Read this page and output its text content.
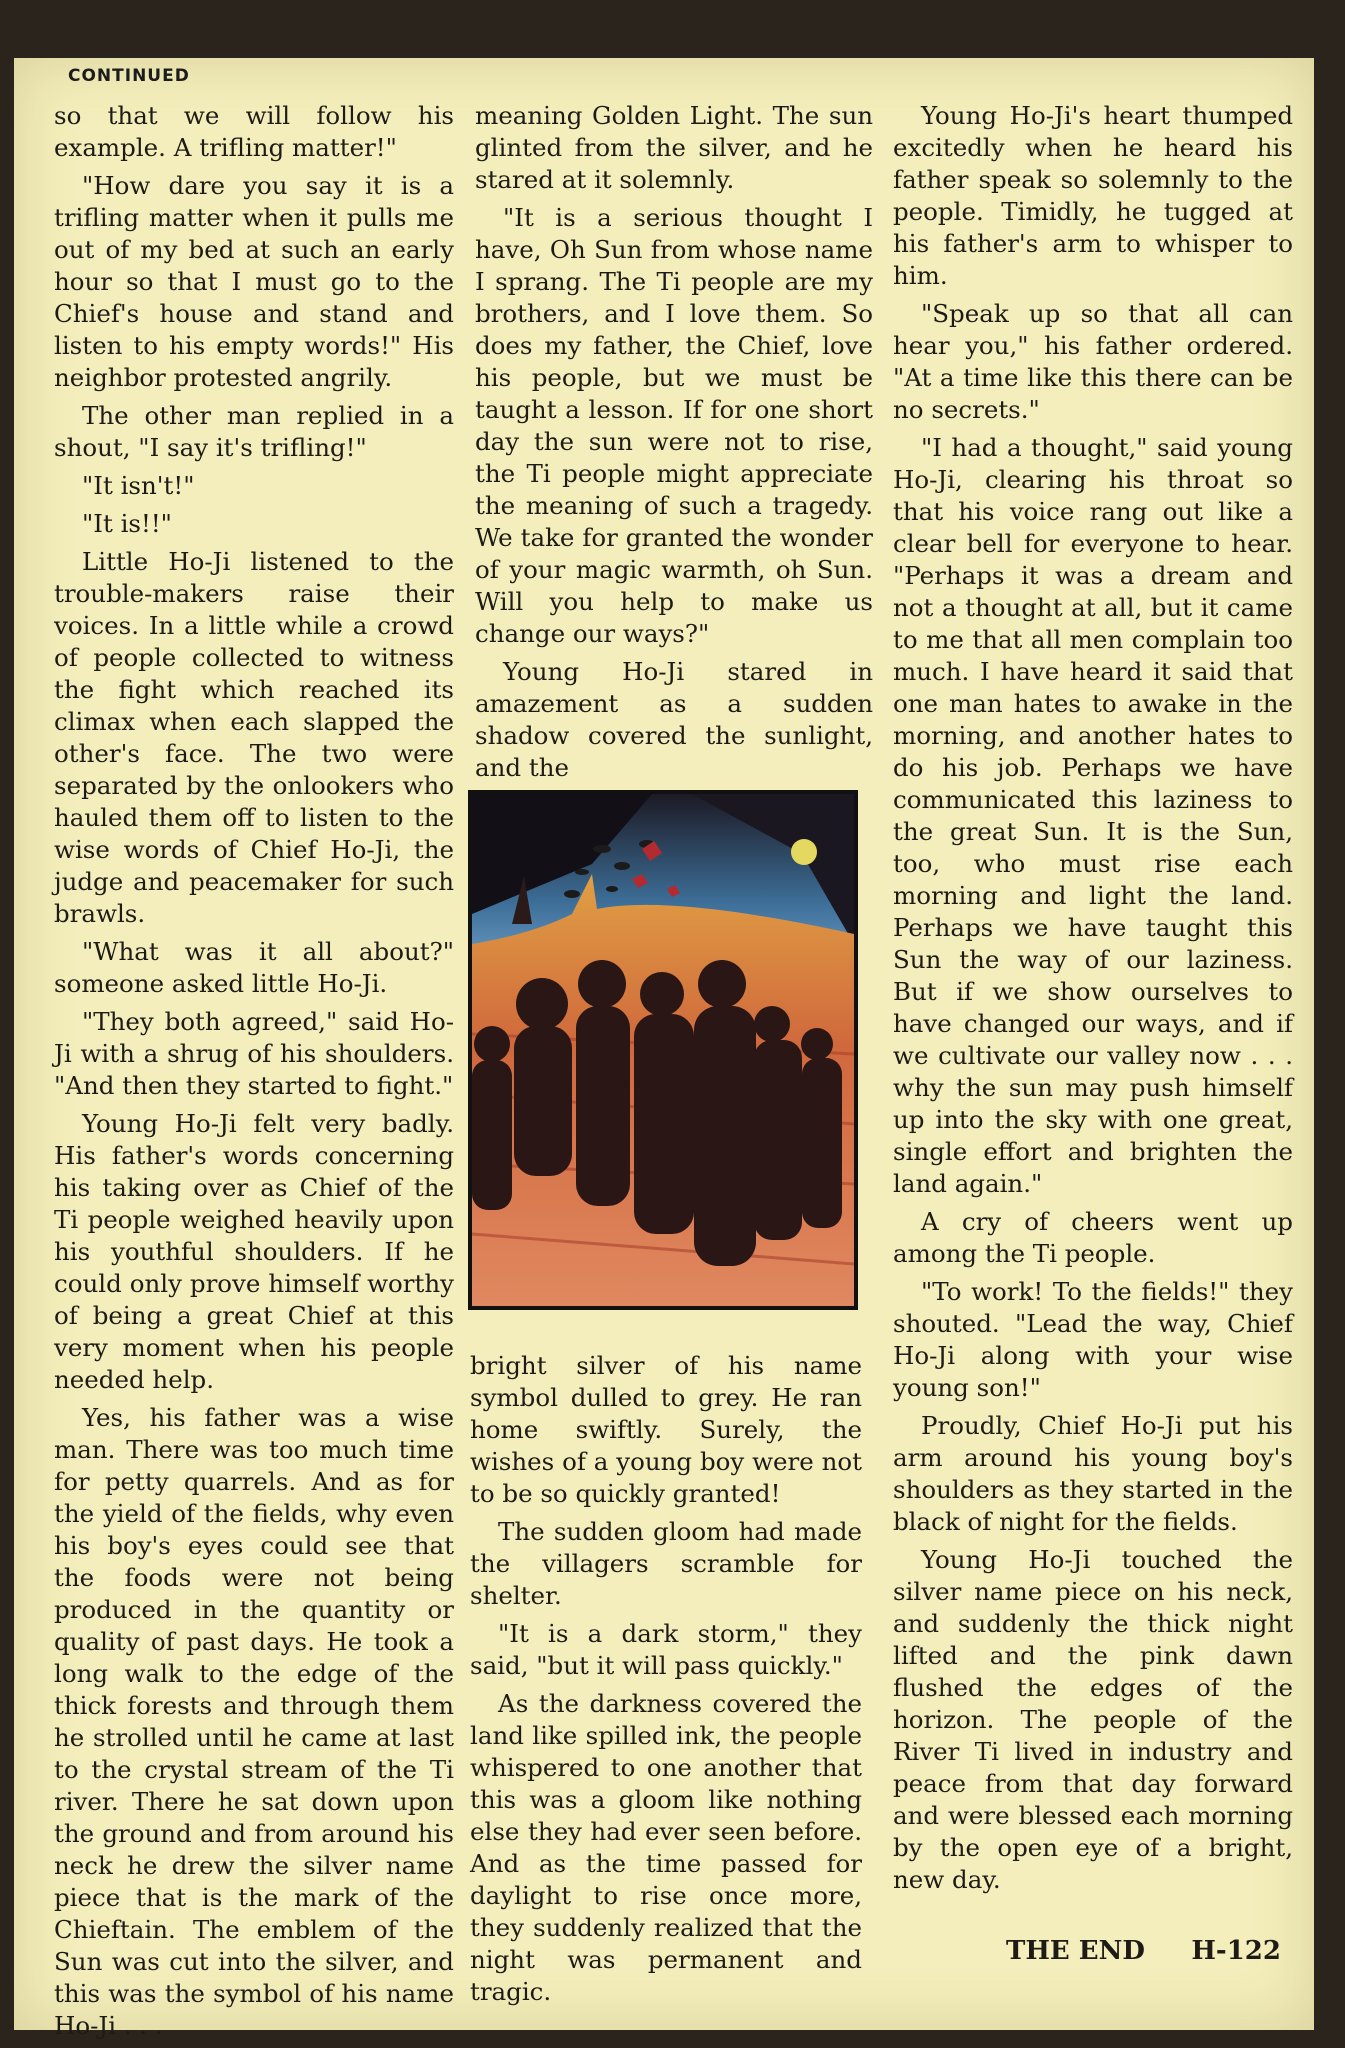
CONTINUED

so that we will follow his example. A trifling matter!"

"How dare you say it is a trifling matter when it pulls me out of my bed at such an early hour so that I must go to the Chief's house and stand and listen to his empty words!" His neighbor protested angrily.

The other man replied in a shout, "I say it's trifling!"

"It isn't!"

"It is!!"

Little Ho-Ji listened to the trouble-makers raise their voices. In a little while a crowd of people collected to witness the fight which reached its climax when each slapped the other's face. The two were separated by the onlookers who hauled them off to listen to the wise words of Chief Ho-Ji, the judge and peacemaker for such brawls.

"What was it all about?" someone asked little Ho-Ji.

"They both agreed," said Ho-Ji with a shrug of his shoulders. "And then they started to fight."

Young Ho-Ji felt very badly. His father's words concerning his taking over as Chief of the Ti people weighed heavily upon his youthful shoulders. If he could only prove himself worthy of being a great Chief at this very moment when his people needed help.

Yes, his father was a wise man. There was too much time for petty quarrels. And as for the yield of the fields, why even his boy's eyes could see that the foods were not being produced in the quantity or quality of past days. He took a long walk to the edge of the thick forests and through them he strolled until he came at last to the crystal stream of the Ti river. There he sat down upon the ground and from around his neck he drew the silver name piece that is the mark of the Chieftain. The emblem of the Sun was cut into the silver, and this was the symbol of his name Ho-Ji . . .

meaning Golden Light. The sun glinted from the silver, and he stared at it solemnly.

"It is a serious thought I have, Oh Sun from whose name I sprang. The Ti people are my brothers, and I love them. So does my father, the Chief, love his people, but we must be taught a lesson. If for one short day the sun were not to rise, the Ti people might appreciate the meaning of such a tragedy. We take for granted the wonder of your magic warmth, oh Sun. Will you help to make us change our ways?"

Young Ho-Ji stared in amazement as a sudden shadow covered the sunlight, and the

bright silver of his name symbol dulled to grey. He ran home swiftly. Surely, the wishes of a young boy were not to be so quickly granted!

The sudden gloom had made the villagers scramble for shelter.

"It is a dark storm," they said, "but it will pass quickly."

As the darkness covered the land like spilled ink, the people whispered to one another that this was a gloom like nothing else they had ever seen before. And as the time passed for daylight to rise once more, they suddenly realized that the night was permanent and tragic.

Young Ho-Ji's heart thumped excitedly when he heard his father speak so solemnly to the people. Timidly, he tugged at his father's arm to whisper to him.

"Speak up so that all can hear you," his father ordered. "At a time like this there can be no secrets."

"I had a thought," said young Ho-Ji, clearing his throat so that his voice rang out like a clear bell for everyone to hear. "Perhaps it was a dream and not a thought at all, but it came to me that all men complain too much. I have heard it said that one man hates to awake in the morning, and another hates to do his job. Perhaps we have communicated this laziness to the great Sun. It is the Sun, too, who must rise each morning and light the land. Perhaps we have taught this Sun the way of our laziness. But if we show ourselves to have changed our ways, and if we cultivate our valley now . . . why the sun may push himself up into the sky with one great, single effort and brighten the land again."

A cry of cheers went up among the Ti people.

"To work! To the fields!" they shouted. "Lead the way, Chief Ho-Ji along with your wise young son!"

Proudly, Chief Ho-Ji put his arm around his young boy's shoulders as they started in the black of night for the fields.

Young Ho-Ji touched the silver name piece on his neck, and suddenly the thick night lifted and the pink dawn flushed the edges of the horizon. The people of the River Ti lived in industry and peace from that day forward and were blessed each morning by the open eye of a bright, new day.

THE END H-122
